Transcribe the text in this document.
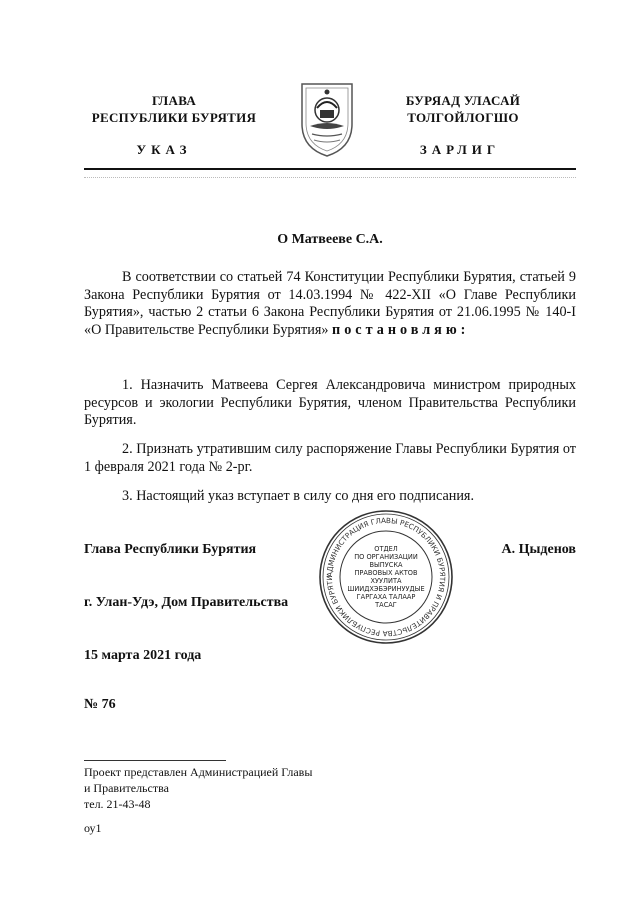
ГЛАВА
РЕСПУБЛИКИ БУРЯТИЯ
БУРЯАД УЛАСАЙ
ТОЛГОЙЛОГШО
УКАЗ	ЗАРЛИГ
О Матвееве С.А.
В соответствии со статьей 74 Конституции Республики Бурятия, статьей 9 Закона Республики Бурятия от 14.03.1994 № 422-XII «О Главе Республики Бурятия», частью 2 статьи 6 Закона Республики Бурятия от 21.06.1995 № 140-I «О Правительстве Республики Бурятия» постановляю:
1. Назначить Матвеева Сергея Александровича министром природных ресурсов и экологии Республики Бурятия, членом Правительства Республики Бурятия.
2. Признать утратившим силу распоряжение Главы Республики Бурятия от 1 февраля 2021 года № 2-рг.
3. Настоящий указ вступает в силу со дня его подписания.
Глава Республики Бурятия	А. Цыденов
г. Улан-Удэ, Дом Правительства
15 марта 2021 года
№ 76
АДМИНИСТРАЦИЯ ГЛАВЫ РЕСПУБЛИКИ БУРЯТИЯ И ПРАВИТЕЛЬСТВА РЕСПУБЛИКИ БУРЯТИ
ОТДЕЛ
ПО ОРГАНИЗАЦИИ
ВЫПУСКА
ПРАВОВЫХ АКТОВ
ХУУЛИТА
ШИИДХЭБЭРИНУУДЫЕ
ГАРГАХА ТАЛААР
ТАСАГ
Проект представлен Администрацией Главы
и Правительства
тел. 21-43-48
оу1
